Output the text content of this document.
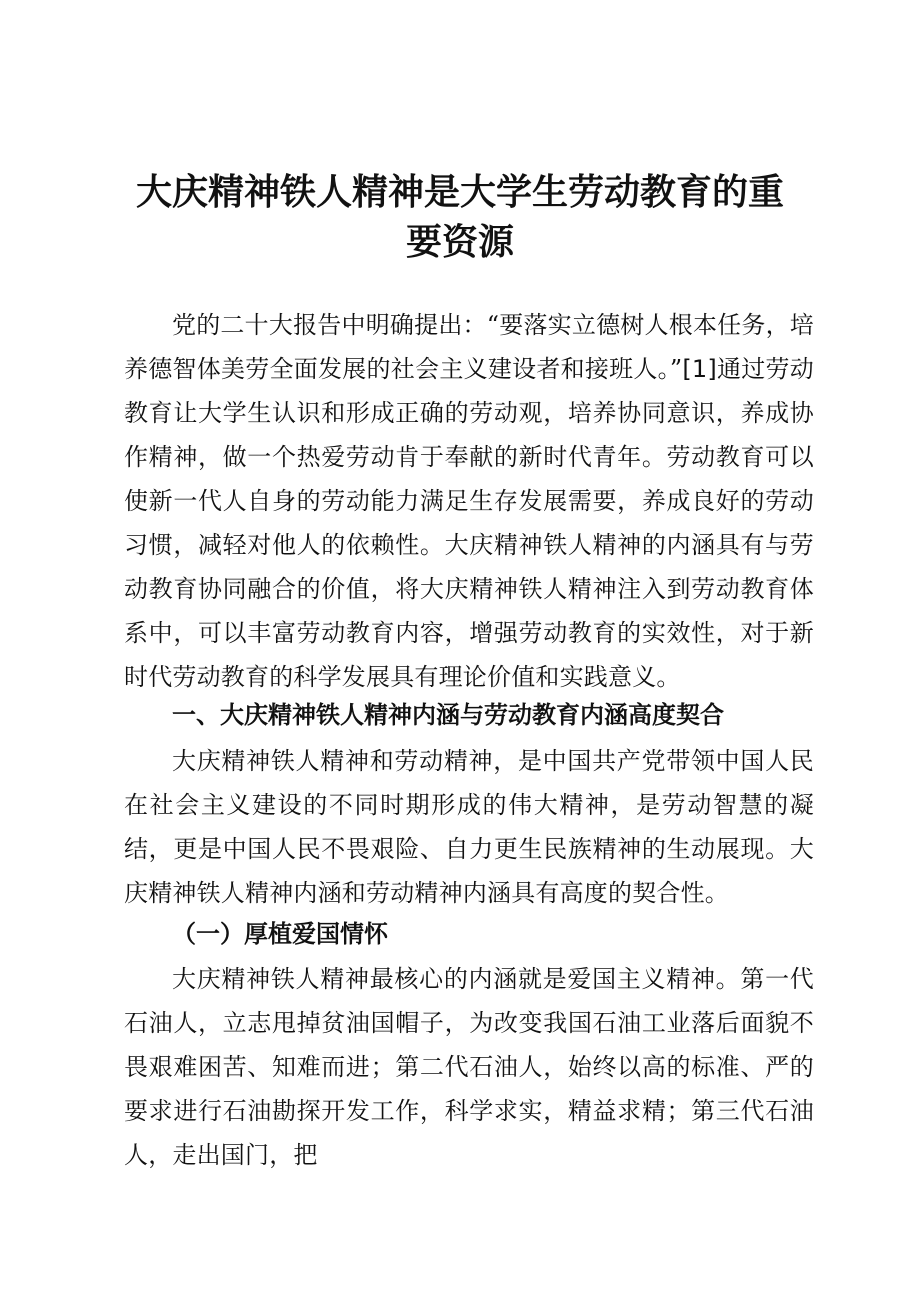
大庆精神铁人精神是大学生劳动教育的重要资源

党的二十大报告中明确提出：“要落实立德树人根本任务，培养德智体美劳全面发展的社会主义建设者和接班人。”[1]通过劳动教育让大学生认识和形成正确的劳动观，培养协同意识，养成协作精神，做一个热爱劳动肯于奉献的新时代青年。劳动教育可以使新一代人自身的劳动能力满足生存发展需要，养成良好的劳动习惯，减轻对他人的依赖性。大庆精神铁人精神的内涵具有与劳动教育协同融合的价值，将大庆精神铁人精神注入到劳动教育体系中，可以丰富劳动教育内容，增强劳动教育的实效性，对于新时代劳动教育的科学发展具有理论价值和实践意义。

一、大庆精神铁人精神内涵与劳动教育内涵高度契合

大庆精神铁人精神和劳动精神，是中国共产党带领中国人民在社会主义建设的不同时期形成的伟大精神，是劳动智慧的凝结，更是中国人民不畏艰险、自力更生民族精神的生动展现。大庆精神铁人精神内涵和劳动精神内涵具有高度的契合性。

（一）厚植爱国情怀

大庆精神铁人精神最核心的内涵就是爱国主义精神。第一代石油人，立志甩掉贫油国帽子，为改变我国石油工业落后面貌不畏艰难困苦、知难而进；第二代石油人，始终以高的标准、严的要求进行石油勘探开发工作，科学求实，精益求精；第三代石油人，走出国门，把
